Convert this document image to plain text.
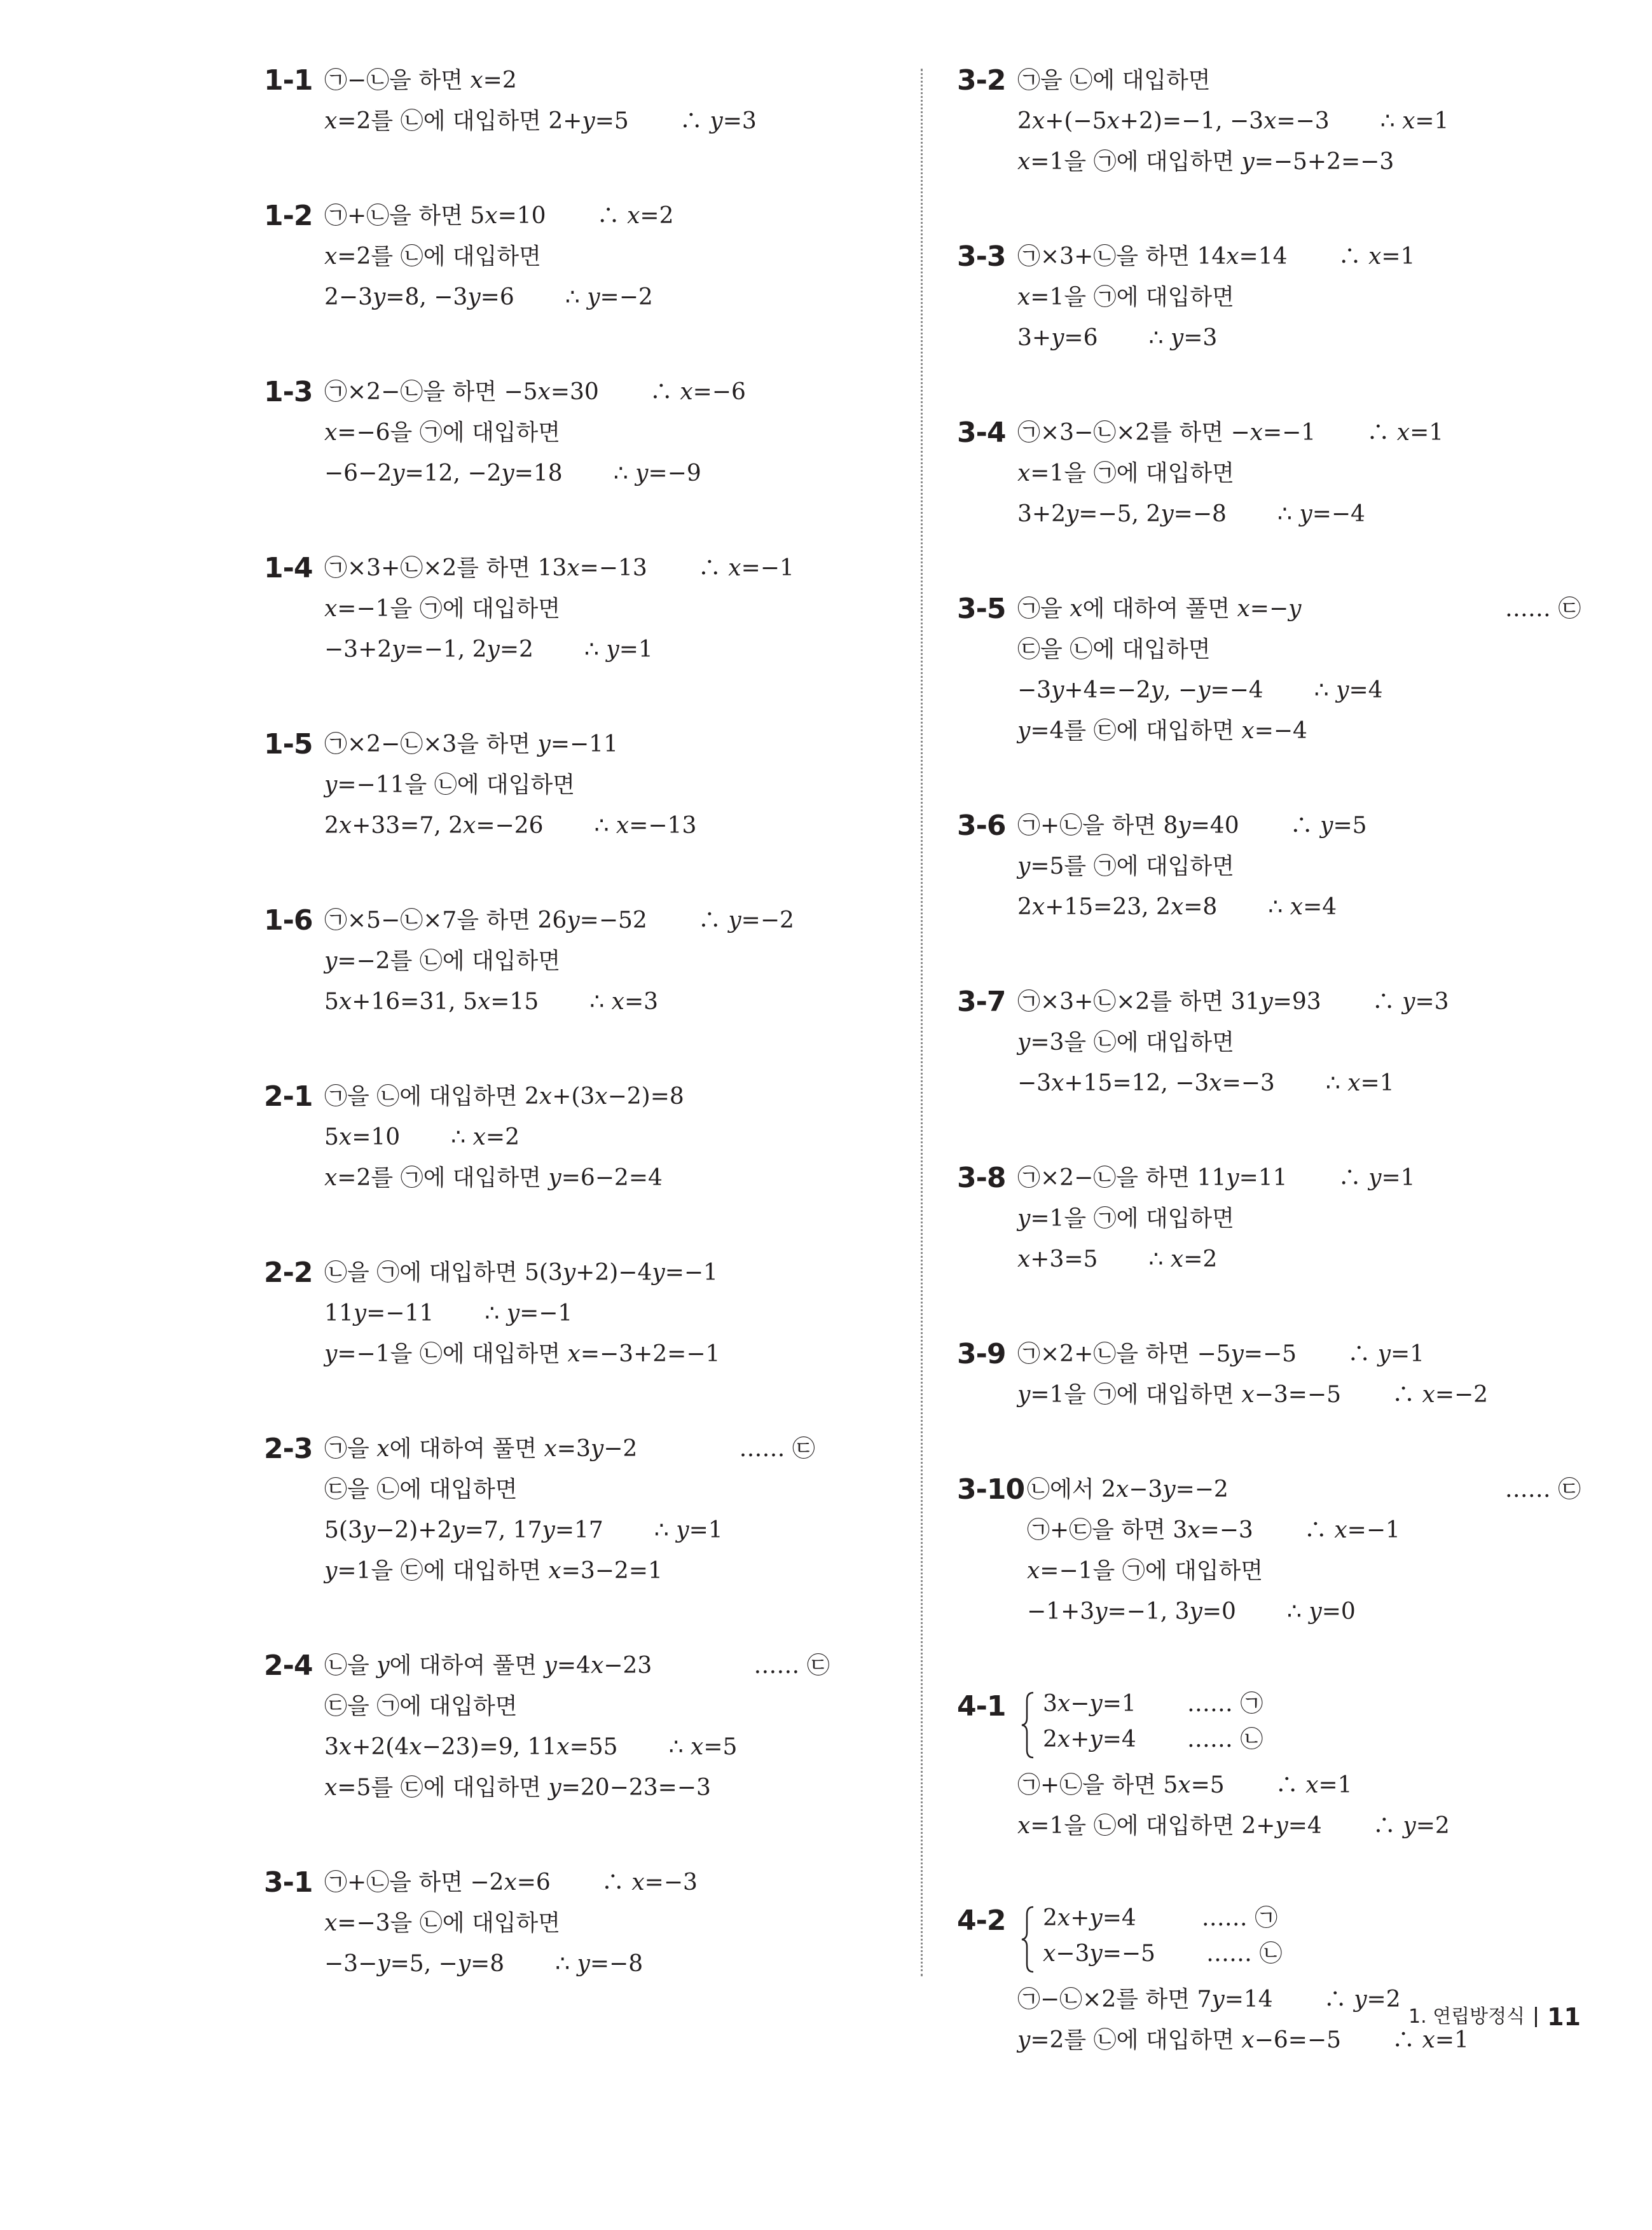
1-1 ㉠−㉡을 하면 𝑥=2
𝑥=2를 ㉡에 대입하면 2+𝑦=5       ∴ 𝑦=3
1-2 ㉠+㉡을 하면 5𝑥=10       ∴ 𝑥=2
𝑥=2를 ㉡에 대입하면
2−3𝑦=8, −3𝑦=6       ∴ 𝑦=−2
1-3 ㉠×2−㉡을 하면 −5𝑥=30       ∴ 𝑥=−6
𝑥=−6을 ㉠에 대입하면
−6−2𝑦=12, −2𝑦=18       ∴ 𝑦=−9
1-4 ㉠×3+㉡×2를 하면 13𝑥=−13       ∴ 𝑥=−1
𝑥=−1을 ㉠에 대입하면
−3+2𝑦=−1, 2𝑦=2       ∴ 𝑦=1
1-5 ㉠×2−㉡×3을 하면 𝑦=−11
𝑦=−11을 ㉡에 대입하면
2𝑥+33=7, 2𝑥=−26       ∴ 𝑥=−13
1-6 ㉠×5−㉡×7을 하면 26𝑦=−52       ∴ 𝑦=−2
𝑦=−2를 ㉡에 대입하면
5𝑥+16=31, 5𝑥=15       ∴ 𝑥=3
2-1 ㉠을 ㉡에 대입하면 2𝑥+(3𝑥−2)=8
5𝑥=10       ∴ 𝑥=2
𝑥=2를 ㉠에 대입하면 𝑦=6−2=4
2-2 ㉡을 ㉠에 대입하면 5(3𝑦+2)−4𝑦=−1
11𝑦=−11       ∴ 𝑦=−1
𝑦=−1을 ㉡에 대입하면 𝑥=−3+2=−1
2-3 ㉠을 𝑥에 대하여 풀면 𝑥=3𝑦−2              …… ㉢
㉢을 ㉡에 대입하면
5(3𝑦−2)+2𝑦=7, 17𝑦=17       ∴ 𝑦=1
𝑦=1을 ㉢에 대입하면 𝑥=3−2=1
2-4 ㉡을 𝑦에 대하여 풀면 𝑦=4𝑥−23              …… ㉢
㉢을 ㉠에 대입하면
3𝑥+2(4𝑥−23)=9, 11𝑥=55       ∴ 𝑥=5
𝑥=5를 ㉢에 대입하면 𝑦=20−23=−3
3-1 ㉠+㉡을 하면 −2𝑥=6       ∴ 𝑥=−3
𝑥=−3을 ㉡에 대입하면
−3−𝑦=5, −𝑦=8       ∴ 𝑦=−8
3-2 ㉠을 ㉡에 대입하면
2𝑥+(−5𝑥+2)=−1, −3𝑥=−3       ∴ 𝑥=1
𝑥=1을 ㉠에 대입하면 𝑦=−5+2=−3
3-3 ㉠×3+㉡을 하면 14𝑥=14       ∴ 𝑥=1
𝑥=1을 ㉠에 대입하면
3+𝑦=6       ∴ 𝑦=3
3-4 ㉠×3−㉡×2를 하면 −𝑥=−1       ∴ 𝑥=1
𝑥=1을 ㉠에 대입하면
3+2𝑦=−5, 2𝑦=−8       ∴ 𝑦=−4
3-5 ㉠을 𝑥에 대하여 풀면 𝑥=−𝑦                            …… ㉢
㉢을 ㉡에 대입하면
−3𝑦+4=−2𝑦, −𝑦=−4       ∴ 𝑦=4
𝑦=4를 ㉢에 대입하면 𝑥=−4
3-6 ㉠+㉡을 하면 8𝑦=40       ∴ 𝑦=5
𝑦=5를 ㉠에 대입하면
2𝑥+15=23, 2𝑥=8       ∴ 𝑥=4
3-7 ㉠×3+㉡×2를 하면 31𝑦=93       ∴ 𝑦=3
𝑦=3을 ㉡에 대입하면
−3𝑥+15=12, −3𝑥=−3       ∴ 𝑥=1
3-8 ㉠×2−㉡을 하면 11𝑦=11       ∴ 𝑦=1
𝑦=1을 ㉠에 대입하면
𝑥+3=5       ∴ 𝑥=2
3-9 ㉠×2+㉡을 하면 −5𝑦=−5       ∴ 𝑦=1
𝑦=1을 ㉠에 대입하면 𝑥−3=−5       ∴ 𝑥=−2
3-10 ㉡에서 2𝑥−3𝑦=−2                                      …… ㉢
㉠+㉢을 하면 3𝑥=−3       ∴ 𝑥=−1
𝑥=−1을 ㉠에 대입하면
−1+3𝑦=−1, 3𝑦=0       ∴ 𝑦=0
4-1 3𝑥−𝑦=1       …… ㉠
2𝑥+𝑦=4       …… ㉡
㉠+㉡을 하면 5𝑥=5       ∴ 𝑥=1
𝑥=1을 ㉡에 대입하면 2+𝑦=4       ∴ 𝑦=2
4-2 2𝑥+𝑦=4         …… ㉠
𝑥−3𝑦=−5       …… ㉡
㉠−㉡×2를 하면 7𝑦=14       ∴ 𝑦=2
𝑦=2를 ㉡에 대입하면 𝑥−6=−5       ∴ 𝑥=1
1. 연립방정식 11
